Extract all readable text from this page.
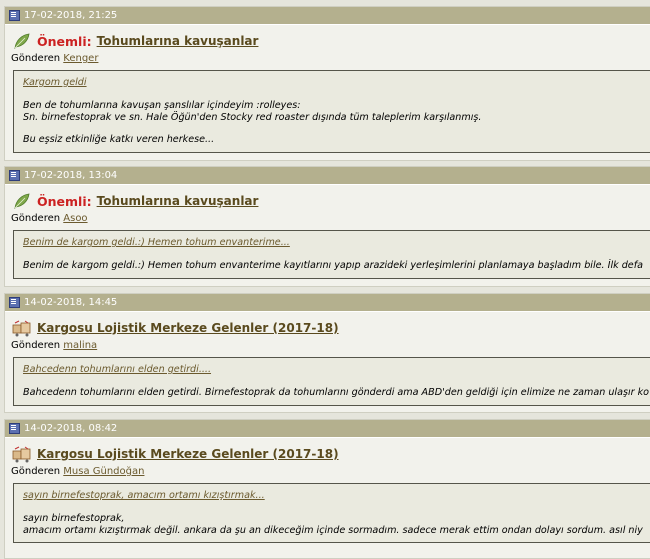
17-02-2018, 21:25
Önemli: Tohumlarına kavuşanlar
Gönderen Kenger
Kargom geldi
Ben de tohumlarına kavuşan şanslılar içindeyim :rolleyes:
Sn. birnefestoprak ve sn. Hale Öğün'den Stocky red roaster dışında tüm taleplerim karşılanmış.
Bu eşsiz etkinliğe katkı veren herkese...
17-02-2018, 13:04
Önemli: Tohumlarına kavuşanlar
Gönderen Asoo
Benim de kargom geldi.:) Hemen tohum envanterime...
Benim de kargom geldi.:) Hemen tohum envanterime kayıtlarını yapıp arazideki yerleşimlerini planlamaya başladım bile. İlk defa
14-02-2018, 14:45
Kargosu Lojistik Merkeze Gelenler (2017-18)
Gönderen malina
Bahcedenn tohumlarını elden getirdi....
Bahcedenn tohumlarını elden getirdi. Birnefestoprak da tohumlarını gönderdi ama ABD'den geldiği için elimize ne zaman ulaşır ko
14-02-2018, 08:42
Kargosu Lojistik Merkeze Gelenler (2017-18)
Gönderen Musa Gündoğan
sayın birnefestoprak, amacım ortamı kızıştırmak...
sayın birnefestoprak,
amacım ortamı kızıştırmak değil. ankara da şu an dikeceğim içinde sormadım. sadece merak ettim ondan dolayı sordum. asıl niy
